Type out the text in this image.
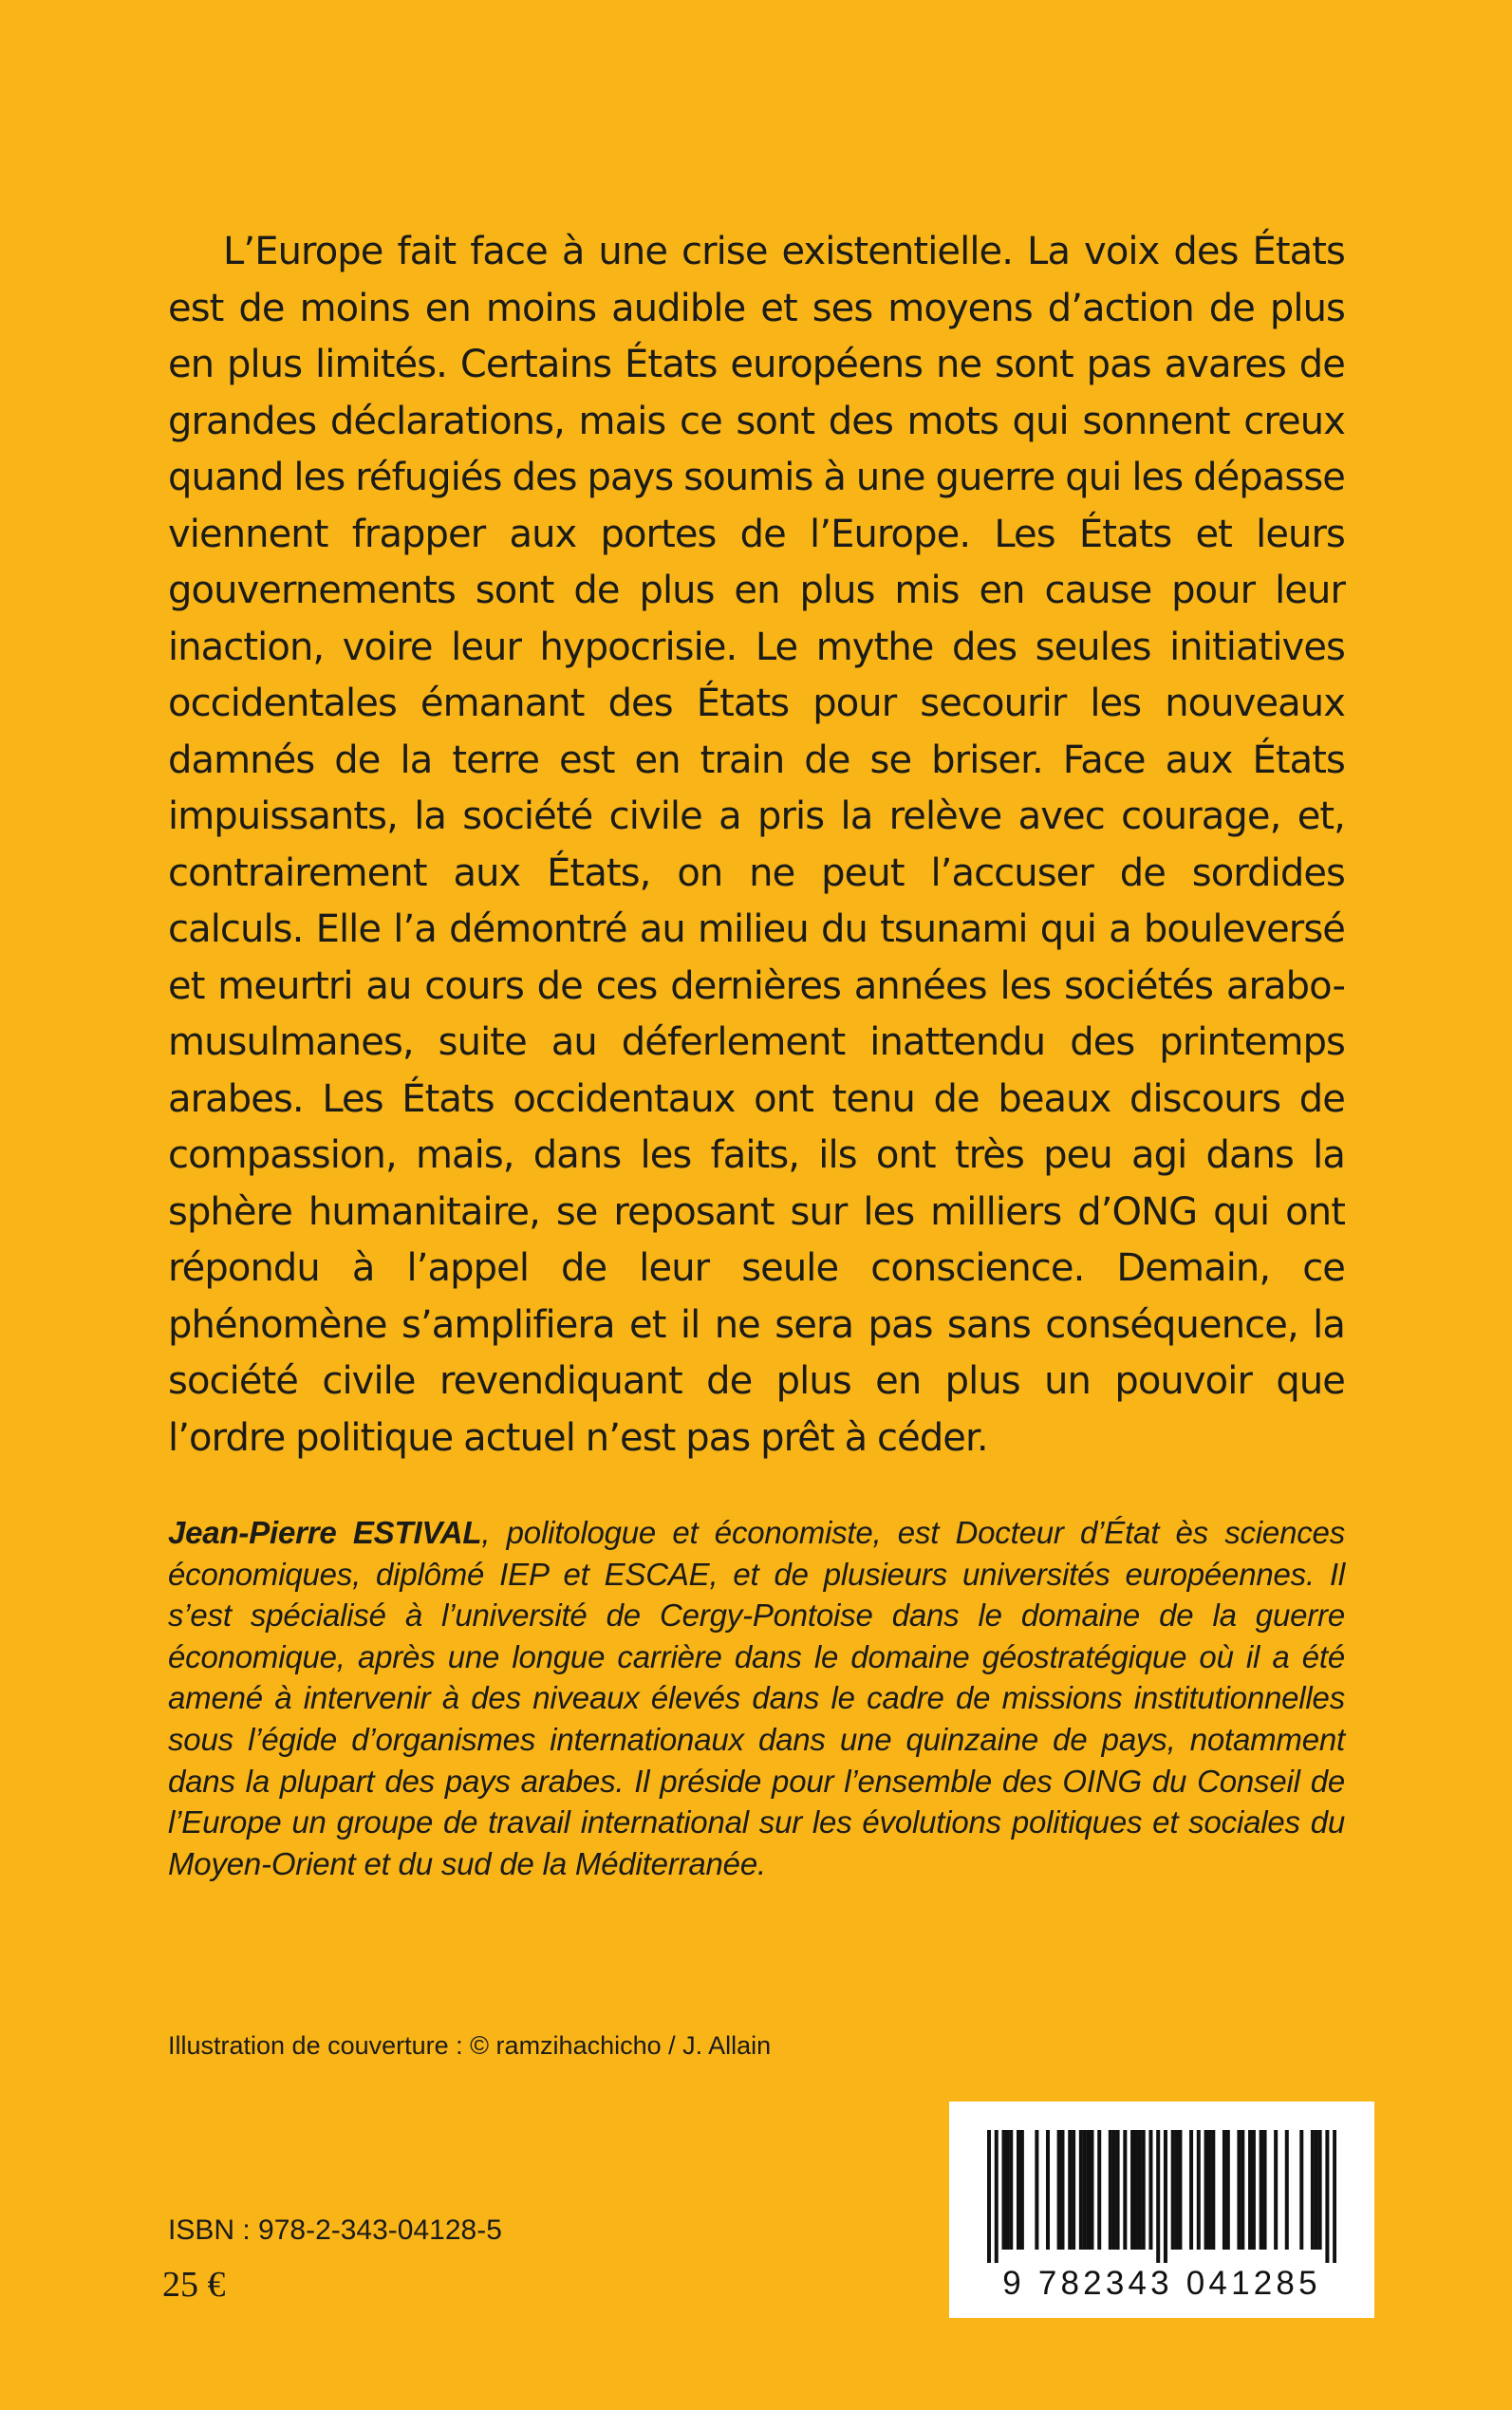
L’Europe fait face à une crise existentielle. La voix des États est de moins en moins audible et ses moyens d’action de plus en plus limités. Certains États européens ne sont pas avares de grandes déclarations, mais ce sont des mots qui sonnent creux quand les réfugiés des pays soumis à une guerre qui les dépasse viennent frapper aux portes de l’Europe. Les États et leurs gouvernements sont de plus en plus mis en cause pour leur inaction, voire leur hypocrisie. Le mythe des seules initiatives occidentales émanant des États pour secourir les nouveaux damnés de la terre est en train de se briser. Face aux États impuissants, la société civile a pris la relève avec courage, et, contrairement aux États, on ne peut l’accuser de sordides calculs. Elle l’a démontré au milieu du tsunami qui a bouleversé et meurtri au cours de ces dernières années les sociétés arabo-musulmanes, suite au déferlement inattendu des printemps arabes. Les États occidentaux ont tenu de beaux discours de compassion, mais, dans les faits, ils ont très peu agi dans la sphère humanitaire, se reposant sur les milliers d’ONG qui ont répondu à l’appel de leur seule conscience. Demain, ce phénomène s’amplifiera et il ne sera pas sans conséquence, la société civile revendiquant de plus en plus un pouvoir que l’ordre politique actuel n’est pas prêt à céder.

Jean-Pierre ESTIVAL, politologue et économiste, est Docteur d’État ès sciences économiques, diplômé IEP et ESCAE, et de plusieurs universités européennes. Il s’est spécialisé à l’université de Cergy-Pontoise dans le domaine de la guerre économique, après une longue carrière dans le domaine géostratégique où il a été amené à intervenir à des niveaux élevés dans le cadre de missions institutionnelles sous l’égide d’organismes internationaux dans une quinzaine de pays, notamment dans la plupart des pays arabes. Il préside pour l’ensemble des OING du Conseil de l’Europe un groupe de travail international sur les évolutions politiques et sociales du Moyen-Orient et du sud de la Méditerranée.

Illustration de couverture : © ramzihachicho / J. Allain

ISBN : 978-2-343-04128-5

25 €	9 782343 041285
